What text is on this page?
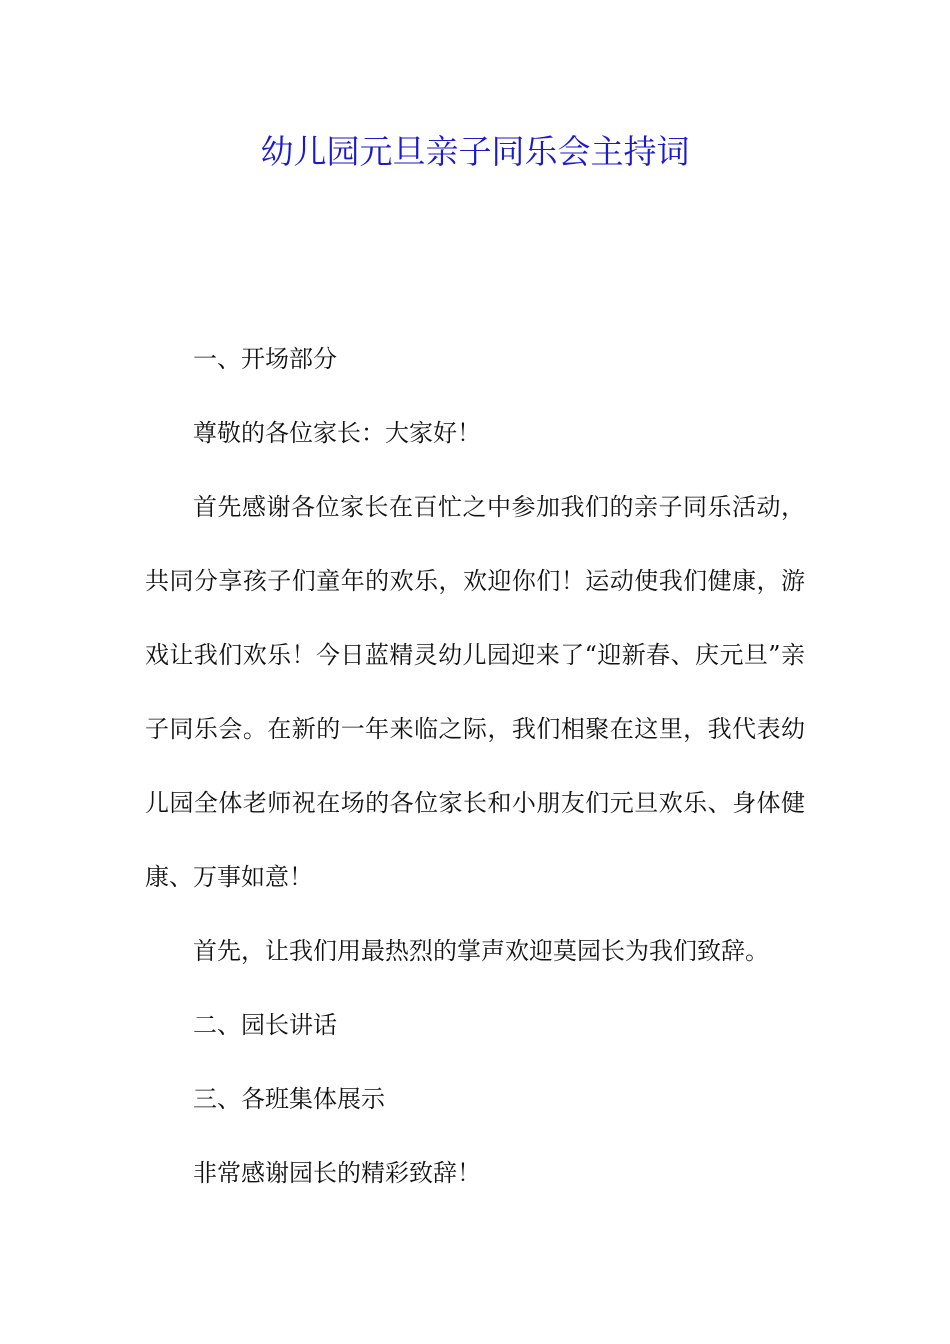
幼儿园元旦亲子同乐会主持词

一、开场部分

尊敬的各位家长：大家好！

首先感谢各位家长在百忙之中参加我们的亲子同乐活动，共同分享孩子们童年的欢乐，欢迎你们！运动使我们健康，游戏让我们欢乐！今日蓝精灵幼儿园迎来了“迎新春、庆元旦”亲子同乐会。在新的一年来临之际，我们相聚在这里，我代表幼儿园全体老师祝在场的各位家长和小朋友们元旦欢乐、身体健康、万事如意！

首先，让我们用最热烈的掌声欢迎莫园长为我们致辞。

二、园长讲话

三、各班集体展示

非常感谢园长的精彩致辞！
